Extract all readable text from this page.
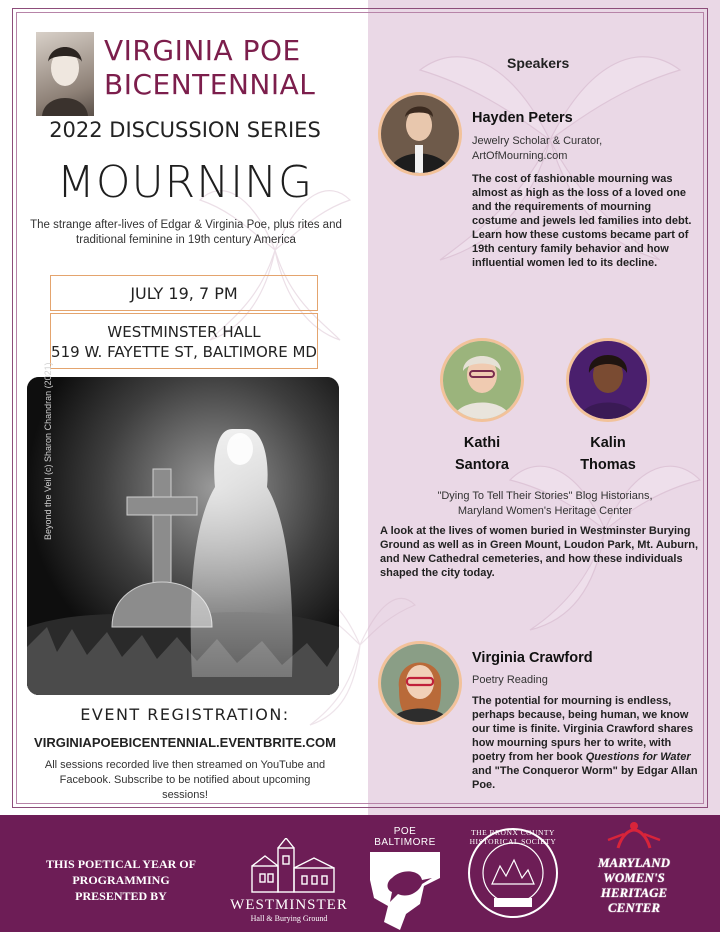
VIRGINIA POE
BICENTENNIAL
2022 DISCUSSION SERIES
MOURNING
The strange after-lives of Edgar & Virginia Poe, plus rites and traditional feminine in 19th century America
JULY 19, 7 PM
WESTMINSTER HALL
519 W. FAYETTE ST, BALTIMORE MD
Beyond the Veil (c) Sharon Chandran (2021)
EVENT REGISTRATION:
VIRGINIAPOEBICENTENNIAL.EVENTBRITE.COM
All sessions recorded live then streamed on YouTube and Facebook. Subscribe to be notified about upcoming sessions!
Speakers
Hayden Peters
Jewelry Scholar & Curator,
ArtOfMourning.com
The cost of fashionable mourning was almost as high as the loss of a loved one and the requirements of mourning costume and jewels led families into debt. Learn how these customs became part of 19th century family behavior and how influential women led to its decline.
Kathi
Santora
Kalin
Thomas
"Dying To Tell Their Stories" Blog Historians,
Maryland Women's Heritage Center
A look at the lives of women buried in Westminster Burying Ground as well as in Green Mount, Loudon Park, Mt. Auburn, and New Cathedral cemeteries, and how these individuals shaped the city today.
Virginia Crawford
Poetry Reading
The potential for mourning is endless, perhaps because, being human, we know our time is finite. Virginia Crawford shares how mourning spurs her to write, with poetry from her book Questions for Water and "The Conqueror Worm" by Edgar Allan Poe.
THIS POETICAL YEAR OF PROGRAMMING PRESENTED BY
WESTMINSTER
Hall & Burying Ground
POE BALTIMORE
THE BRONX COUNTY HISTORICAL SOCIETY
MARYLAND
WOMEN'S
HERITAGE
CENTER
